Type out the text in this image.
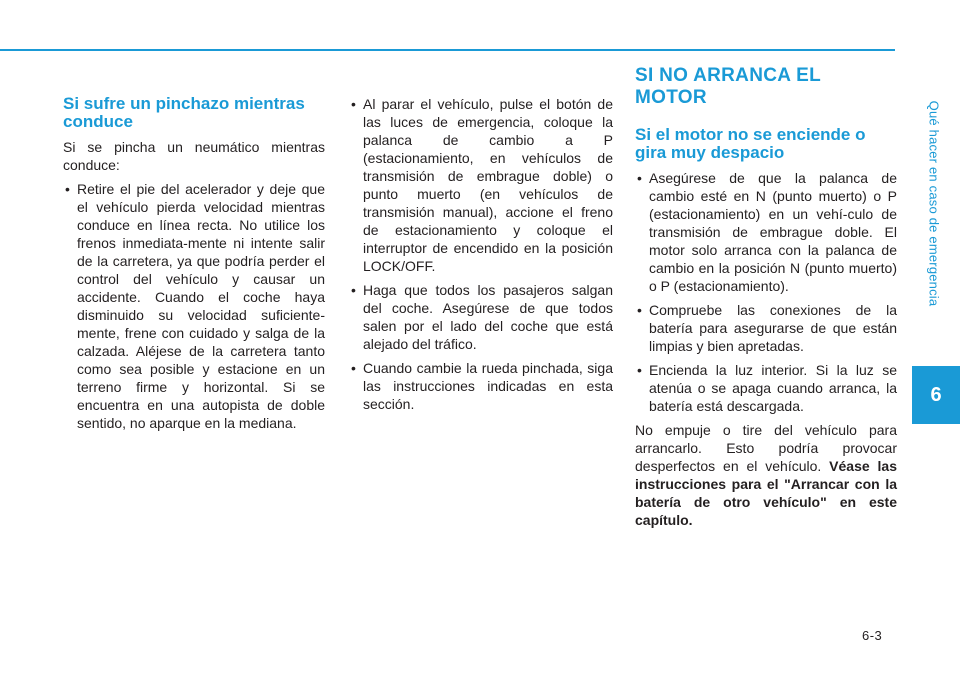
Qué hacer en caso de emergencia
6
Si sufre un pinchazo mientras conduce

Si se pincha un neumático mientras conduce:

• Retire el pie del acelerador y deje que el vehículo pierda velocidad mientras conduce en línea recta. No utilice los frenos inmediata-mente ni intente salir de la carretera, ya que podría perder el control del vehículo y causar un accidente. Cuando el coche haya disminuido su velocidad suficiente-mente, frene con cuidado y salga de la calzada. Aléjese de la carretera tanto como sea posible y estacione en un terreno firme y horizontal. Si se encuentra en una autopista de doble sentido, no aparque en la mediana.
• Al parar el vehículo, pulse el botón de las luces de emergencia, coloque la palanca de cambio a P (estacionamiento, en vehículos de transmisión de embrague doble) o punto muerto (en vehículos de transmisión manual), accione el freno de estacionamiento y coloque el interruptor de encendido en la posición LOCK/OFF.
• Haga que todos los pasajeros salgan del coche. Asegúrese de que todos salen por el lado del coche que está alejado del tráfico.
• Cuando cambie la rueda pinchada, siga las instrucciones indicadas en esta sección.
SI NO ARRANCA EL MOTOR
Si el motor no se enciende o gira muy despacio
• Asegúrese de que la palanca de cambio esté en N (punto muerto) o P (estacionamiento) en un vehí-culo de transmisión de embrague doble. El motor solo arranca con la palanca de cambio en la posición N (punto muerto) o P (estacionamiento).
• Compruebe las conexiones de la batería para asegurarse de que están limpias y bien apretadas.
• Encienda la luz interior. Si la luz se atenúa o se apaga cuando arranca, la batería está descargada.

No empuje o tire del vehículo para arrancarlo. Esto podría provocar desperfectos en el vehículo. Véase las instrucciones para el "Arrancar con la batería de otro vehículo" en este capítulo.

6-3
